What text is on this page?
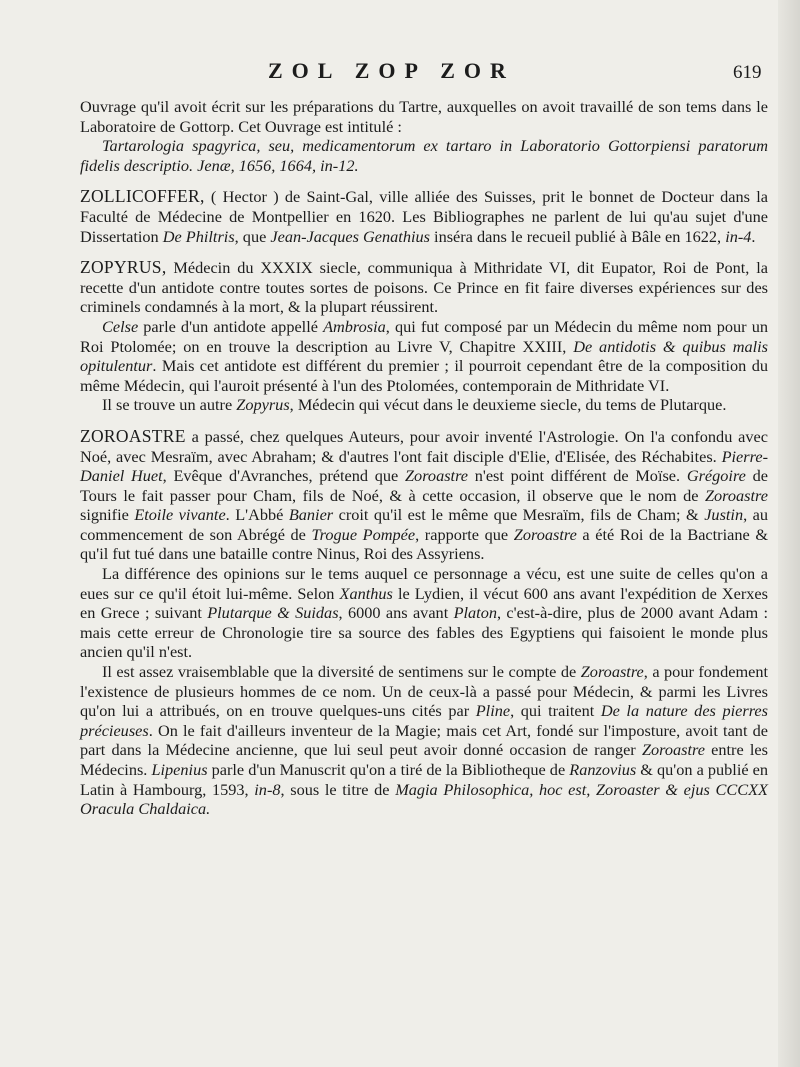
ZOL ZOP ZOR	619

Ouvrage qu'il avoit écrit sur les préparations du Tartre, auxquelles on avoit travaillé de son tems dans le Laboratoire de Gottorp. Cet Ouvrage est intitulé :
Tartarologia spagyrica, seu, medicamentorum ex tartaro in Laboratorio Gottorpiensi paratorum fidelis descriptio. Jenæ, 1656, 1664, in-12.

ZOLLICOFFER, ( Hector ) de Saint-Gal, ville alliée des Suisses, prit le bonnet de Docteur dans la Faculté de Médecine de Montpellier en 1620. Les Bibliographes ne parlent de lui qu'au sujet d'une Dissertation De Philtris, que Jean-Jacques Genathius inséra dans le recueil publié à Bâle en 1622, in-4.

ZOPYRUS, Médecin du XXXIX siecle, communiqua à Mithridate VI, dit Eupator, Roi de Pont, la recette d'un antidote contre toutes sortes de poisons. Ce Prince en fit faire diverses expériences sur des criminels condamnés à la mort, & la plupart réussirent.

Celse parle d'un antidote appellé Ambrosia, qui fut composé par un Médecin du même nom pour un Roi Ptolomée; on en trouve la description au Livre V, Chapitre XXIII, De antidotis & quibus malis opitulentur. Mais cet antidote est différent du premier ; il pourroit cependant être de la composition du même Médecin, qui l'auroit présenté à l'un des Ptolomées, contemporain de Mithridate VI.

Il se trouve un autre Zopyrus, Médecin qui vécut dans le deuxieme siecle, du tems de Plutarque.

ZOROASTRE a passé, chez quelques Auteurs, pour avoir inventé l'Astrologie. On l'a confondu avec Noé, avec Mesraïm, avec Abraham; & d'autres l'ont fait disciple d'Elie, d'Elisée, des Réchabites. Pierre-Daniel Huet, Evêque d'Avranches, prétend que Zoroastre n'est point différent de Moïse. Grégoire de Tours le fait passer pour Cham, fils de Noé, & à cette occasion, il observe que le nom de Zoroastre signifie Etoile vivante. L'Abbé Banier croit qu'il est le même que Mesraïm, fils de Cham; & Justin, au commencement de son Abrégé de Trogue Pompée, rapporte que Zoroastre a été Roi de la Bactriane & qu'il fut tué dans une bataille contre Ninus, Roi des Assyriens.

La différence des opinions sur le tems auquel ce personnage a vécu, est une suite de celles qu'on a eues sur ce qu'il étoit lui-même. Selon Xanthus le Lydien, il vécut 600 ans avant l'expédition de Xerxes en Grece ; suivant Plutarque & Suidas, 6000 ans avant Platon, c'est-à-dire, plus de 2000 avant Adam : mais cette erreur de Chronologie tire sa source des fables des Egyptiens qui faisoient le monde plus ancien qu'il n'est.

Il est assez vraisemblable que la diversité de sentimens sur le compte de Zoroastre, a pour fondement l'existence de plusieurs hommes de ce nom. Un de ceux-là a passé pour Médecin, & parmi les Livres qu'on lui a attribués, on en trouve quelques-uns cités par Pline, qui traitent De la nature des pierres précieuses. On le fait d'ailleurs inventeur de la Magie; mais cet Art, fondé sur l'imposture, avoit tant de part dans la Médecine ancienne, que lui seul peut avoir donné occasion de ranger Zoroastre entre les Médecins. Lipenius parle d'un Manuscrit qu'on a tiré de la Bibliotheque de Ranzovius & qu'on a publié en Latin à Hambourg, 1593, in-8, sous le titre de Magia Philosophica, hoc est, Zoroaster & ejus CCCXX Oracula Chaldaica.
